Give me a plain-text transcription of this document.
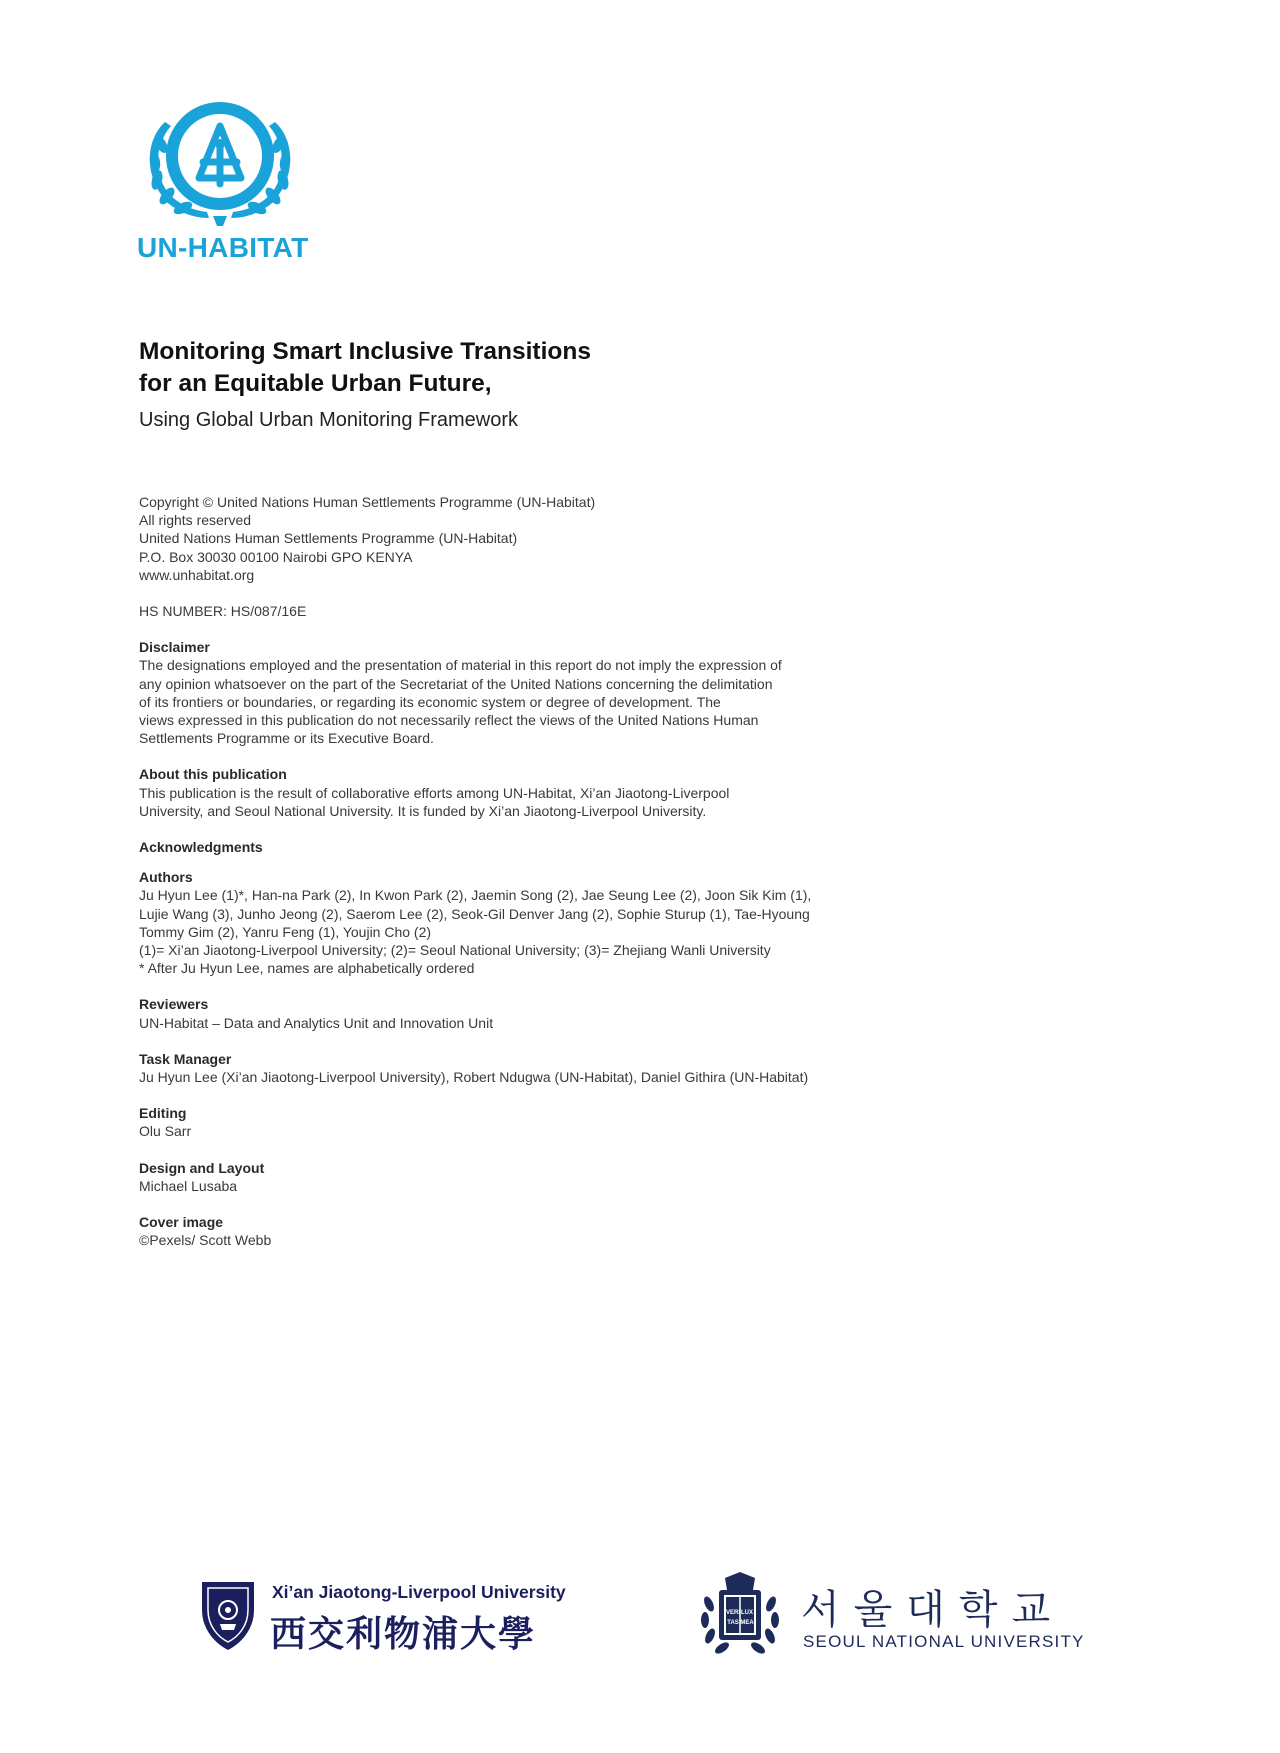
UN-HABITAT

Monitoring Smart Inclusive Transitions

for an Equitable Urban Future,

Using Global Urban Monitoring Framework

Copyright © United Nations Human Settlements Programme (UN-Habitat)

All rights reserved

United Nations Human Settlements Programme (UN-Habitat)

P.O. Box 30030 00100 Nairobi GPO KENYA

www.unhabitat.org

HS NUMBER: HS/087/16E

Disclaimer

The designations employed and the presentation of material in this report do not imply the expression of

any opinion whatsoever on the part of the Secretariat of the United Nations concerning the delimitation

of its frontiers or boundaries, or regarding its economic system or degree of development. The

views expressed in this publication do not necessarily reflect the views of the United Nations Human

Settlements Programme or its Executive Board.

About this publication

This publication is the result of collaborative efforts among UN-Habitat, Xi’an Jiaotong-Liverpool

University, and Seoul National University. It is funded by Xi’an Jiaotong-Liverpool University.

Acknowledgments

Authors

Ju Hyun Lee (1)*, Han-na Park (2), In Kwon Park (2), Jaemin Song (2), Jae Seung Lee (2), Joon Sik Kim (1),

Lujie Wang (3), Junho Jeong (2), Saerom Lee (2), Seok-Gil Denver Jang (2), Sophie Sturup (1), Tae-Hyoung

Tommy Gim (2), Yanru Feng (1), Youjin Cho (2)

(1)= Xi’an Jiaotong-Liverpool University; (2)= Seoul National University; (3)= Zhejiang Wanli University

* After Ju Hyun Lee, names are alphabetically ordered

Reviewers

UN-Habitat – Data and Analytics Unit and Innovation Unit

Task Manager

Ju Hyun Lee (Xi’an Jiaotong-Liverpool University), Robert Ndugwa (UN-Habitat), Daniel Githira (UN-Habitat)

Editing

Olu Sarr

Design and Layout

Michael Lusaba

Cover image

©Pexels/ Scott Webb

Xi’an Jiaotong-Liverpool University
西交利物浦大學	VERI LUX
TAS MEA 서울대학교
SEOUL NATIONAL UNIVERSITY
